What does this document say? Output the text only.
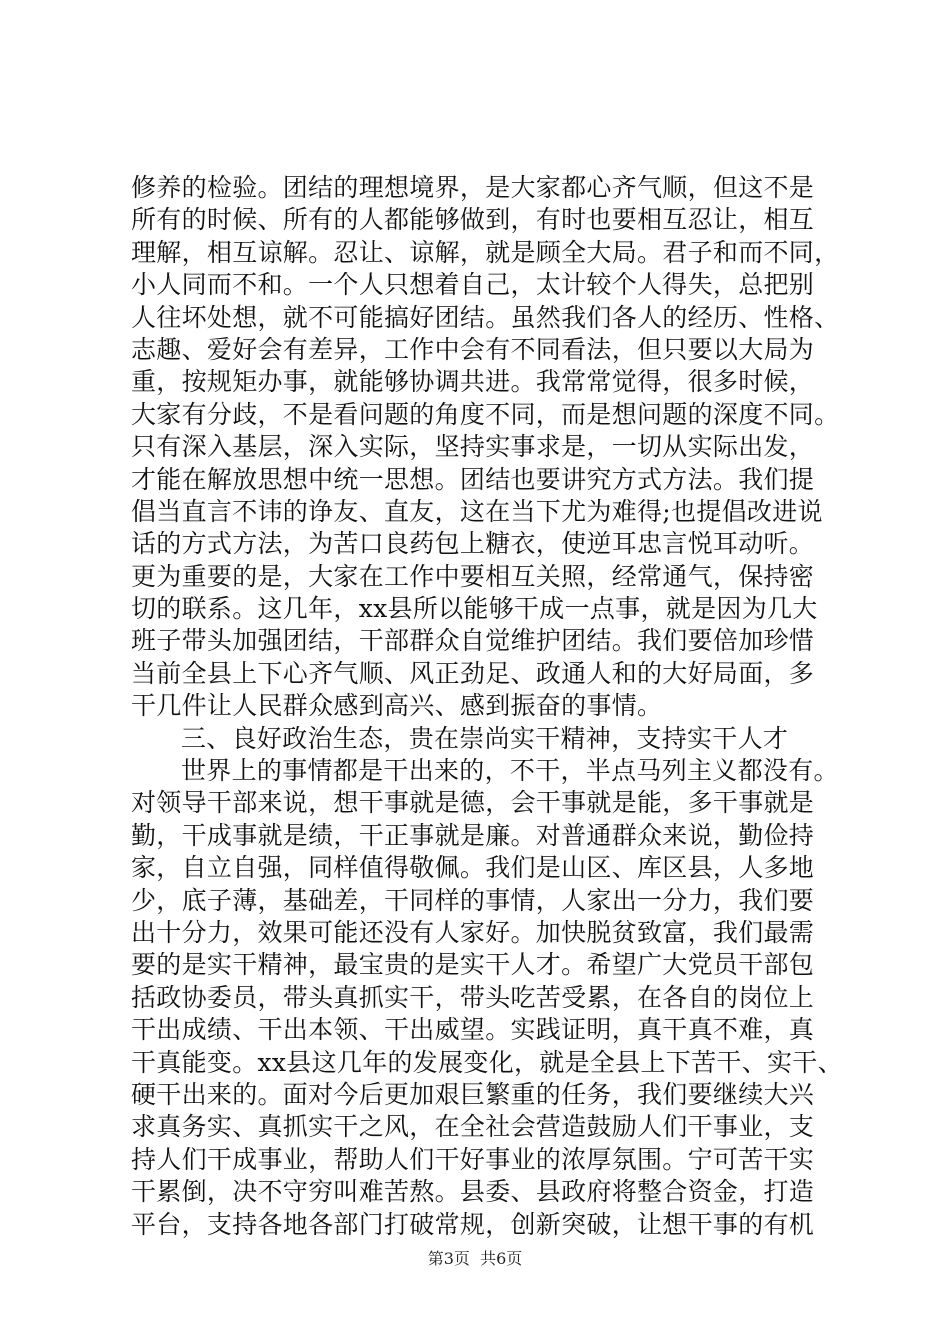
修养的检验。团结的理想境界，是大家都心齐气顺，但这不是
所有的时候、所有的人都能够做到，有时也要相互忍让，相互
理解，相互谅解。忍让、谅解，就是顾全大局。君子和而不同，
小人同而不和。一个人只想着自己，太计较个人得失，总把别
人往坏处想，就不可能搞好团结。虽然我们各人的经历、性格、
志趣、爱好会有差异，工作中会有不同看法，但只要以大局为
重，按规矩办事，就能够协调共进。我常常觉得，很多时候，
大家有分歧，不是看问题的角度不同，而是想问题的深度不同。
只有深入基层，深入实际，坚持实事求是，一切从实际出发，
才能在解放思想中统一思想。团结也要讲究方式方法。我们提
倡当直言不讳的诤友、直友，这在当下尤为难得;也提倡改进说
话的方式方法，为苦口良药包上糖衣，使逆耳忠言悦耳动听。
更为重要的是，大家在工作中要相互关照，经常通气，保持密
切的联系。这几年，xx县所以能够干成一点事，就是因为几大
班子带头加强团结，干部群众自觉维护团结。我们要倍加珍惜
当前全县上下心齐气顺、风正劲足、政通人和的大好局面，多
干几件让人民群众感到高兴、感到振奋的事情。
三、良好政治生态，贵在崇尚实干精神，支持实干人才
世界上的事情都是干出来的，不干，半点马列主义都没有。
对领导干部来说，想干事就是德，会干事就是能，多干事就是
勤，干成事就是绩，干正事就是廉。对普通群众来说，勤俭持
家，自立自强，同样值得敬佩。我们是山区、库区县，人多地
少，底子薄，基础差，干同样的事情，人家出一分力，我们要
出十分力，效果可能还没有人家好。加快脱贫致富，我们最需
要的是实干精神，最宝贵的是实干人才。希望广大党员干部包
括政协委员，带头真抓实干，带头吃苦受累，在各自的岗位上
干出成绩、干出本领、干出威望。实践证明，真干真不难，真
干真能变。xx县这几年的发展变化，就是全县上下苦干、实干、
硬干出来的。面对今后更加艰巨繁重的任务，我们要继续大兴
求真务实、真抓实干之风，在全社会营造鼓励人们干事业，支
持人们干成事业，帮助人们干好事业的浓厚氛围。宁可苦干实
干累倒，决不守穷叫难苦熬。县委、县政府将整合资金，打造
平台，支持各地各部门打破常规，创新突破，让想干事的有机
第3页  共6页
